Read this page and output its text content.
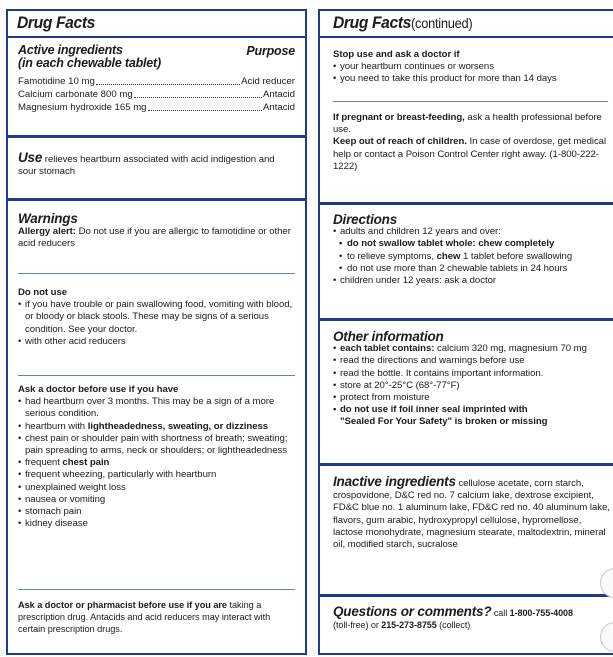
Drug Facts
Active ingredients
(in each chewable tablet)
Purpose
Famotidine 10 mg	Acid reducer
Calcium carbonate 800 mg	Antacid
Magnesium hydroxide 165 mg	Antacid
Use relieves heartburn associated with acid indigestion and sour stomach
Warnings
Allergy alert: Do not use if you are allergic to famotidine or other acid reducers
Do not use
• if you have trouble or pain swallowing food, vomiting with blood, or bloody or black stools. These may be signs of a serious condition. See your doctor.
• with other acid reducers
Ask a doctor before use if you have
• had heartburn over 3 months. This may be a sign of a more serious condition.
• heartburn with lightheadedness, sweating, or dizziness
• chest pain or shoulder pain with shortness of breath; sweating; pain spreading to arms, neck or shoulders; or lightheadedness
• frequent chest pain
• frequent wheezing, particularly with heartburn
• unexplained weight loss
• nausea or vomiting
• stomach pain
• kidney disease
Ask a doctor or pharmacist before use if you are taking a prescription drug. Antacids and acid reducers may interact with certain prescription drugs.
Drug Facts(continued)
Stop use and ask a doctor if
• your heartburn continues or worsens
• you need to take this product for more than 14 days
If pregnant or breast-feeding, ask a health professional before use.
Keep out of reach of children. In case of overdose, get medical help or contact a Poison Control Center right away. (1-800-222-1222)
Directions
• adults and children 12 years and over:
• do not swallow tablet whole: chew completely
• to relieve symptoms, chew 1 tablet before swallowing
• do not use more than 2 chewable tablets in 24 hours
• children under 12 years: ask a doctor
Other information
• each tablet contains: calcium 320 mg, magnesium 70 mg
• read the directions and warnings before use
• read the bottle. It contains important information.
• store at 20°-25°C (68°-77°F)
• protect from moisture
• do not use if foil inner seal imprinted with
"Sealed For Your Safety" is broken or missing
Inactive ingredients cellulose acetate, corn starch, crospovidone, D&C red no. 7 calcium lake, dextrose excipient, FD&C blue no. 1 aluminum lake, FD&C red no. 40 aluminum lake, flavors, gum arabic, hydroxypropyl cellulose, hypromellose, lactose monohydrate, magnesium stearate, maltodextrin, mineral oil, modified starch, sucralose
Questions or comments? call 1-800-755-4008
(toll-free) or 215-273-8755 (collect)
